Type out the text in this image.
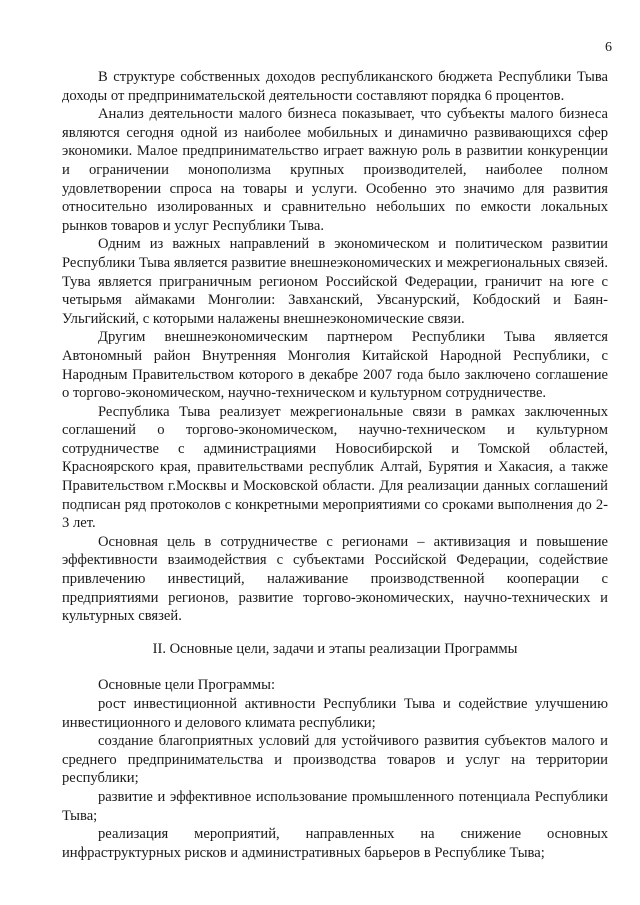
6

В структуре собственных доходов республиканского бюджета Республики Тыва доходы от предпринимательской деятельности составляют порядка 6 процентов.

Анализ деятельности малого бизнеса показывает, что субъекты малого бизнеса являются сегодня одной из наиболее мобильных и динамично развивающихся сфер экономики. Малое предпринимательство играет важную роль в развитии конкуренции и ограничении монополизма крупных производителей, наиболее полном удовлетворении спроса на товары и услуги. Особенно это значимо для развития относительно изолированных и сравнительно небольших по емкости локальных рынков товаров и услуг Республики Тыва.

Одним из важных направлений в экономическом и политическом развитии Республики Тыва является развитие внешнеэкономических и межрегиональных связей. Тува является приграничным регионом Российской Федерации, граничит на юге с четырьмя аймаками Монголии: Завханский, Увсанурский, Кобдоский и Баян-Ульгийский, с которыми налажены внешнеэкономические связи.

Другим внешнеэкономическим партнером Республики Тыва является Автономный район Внутренняя Монголия Китайской Народной Республики, с Народным Правительством которого в декабре 2007 года было заключено соглашение о торгово-экономическом, научно-техническом и культурном сотрудничестве.

Республика Тыва реализует межрегиональные связи в рамках заключенных соглашений о торгово-экономическом, научно-техническом и культурном сотрудничестве с администрациями Новосибирской и Томской областей, Красноярского края, правительствами республик Алтай, Бурятия и Хакасия, а также Правительством г.Москвы и Московской области. Для реализации данных соглашений подписан ряд протоколов с конкретными мероприятиями со сроками выполнения до 2-3 лет.

Основная цель в сотрудничестве с регионами – активизация и повышение эффективности взаимодействия с субъектами Российской Федерации, содействие привлечению инвестиций, налаживание производственной кооперации с предприятиями регионов, развитие торгово-экономических, научно-технических и культурных связей.

II. Основные цели, задачи и этапы реализации Программы

Основные цели Программы:

рост инвестиционной активности Республики Тыва и содействие улучшению инвестиционного и делового климата республики;

создание благоприятных условий для устойчивого развития субъектов малого и среднего предпринимательства и производства товаров и услуг на территории республики;

развитие и эффективное использование промышленного потенциала Республики Тыва;

реализация мероприятий, направленных на снижение основных инфраструктурных рисков и административных барьеров в Республике Тыва;
